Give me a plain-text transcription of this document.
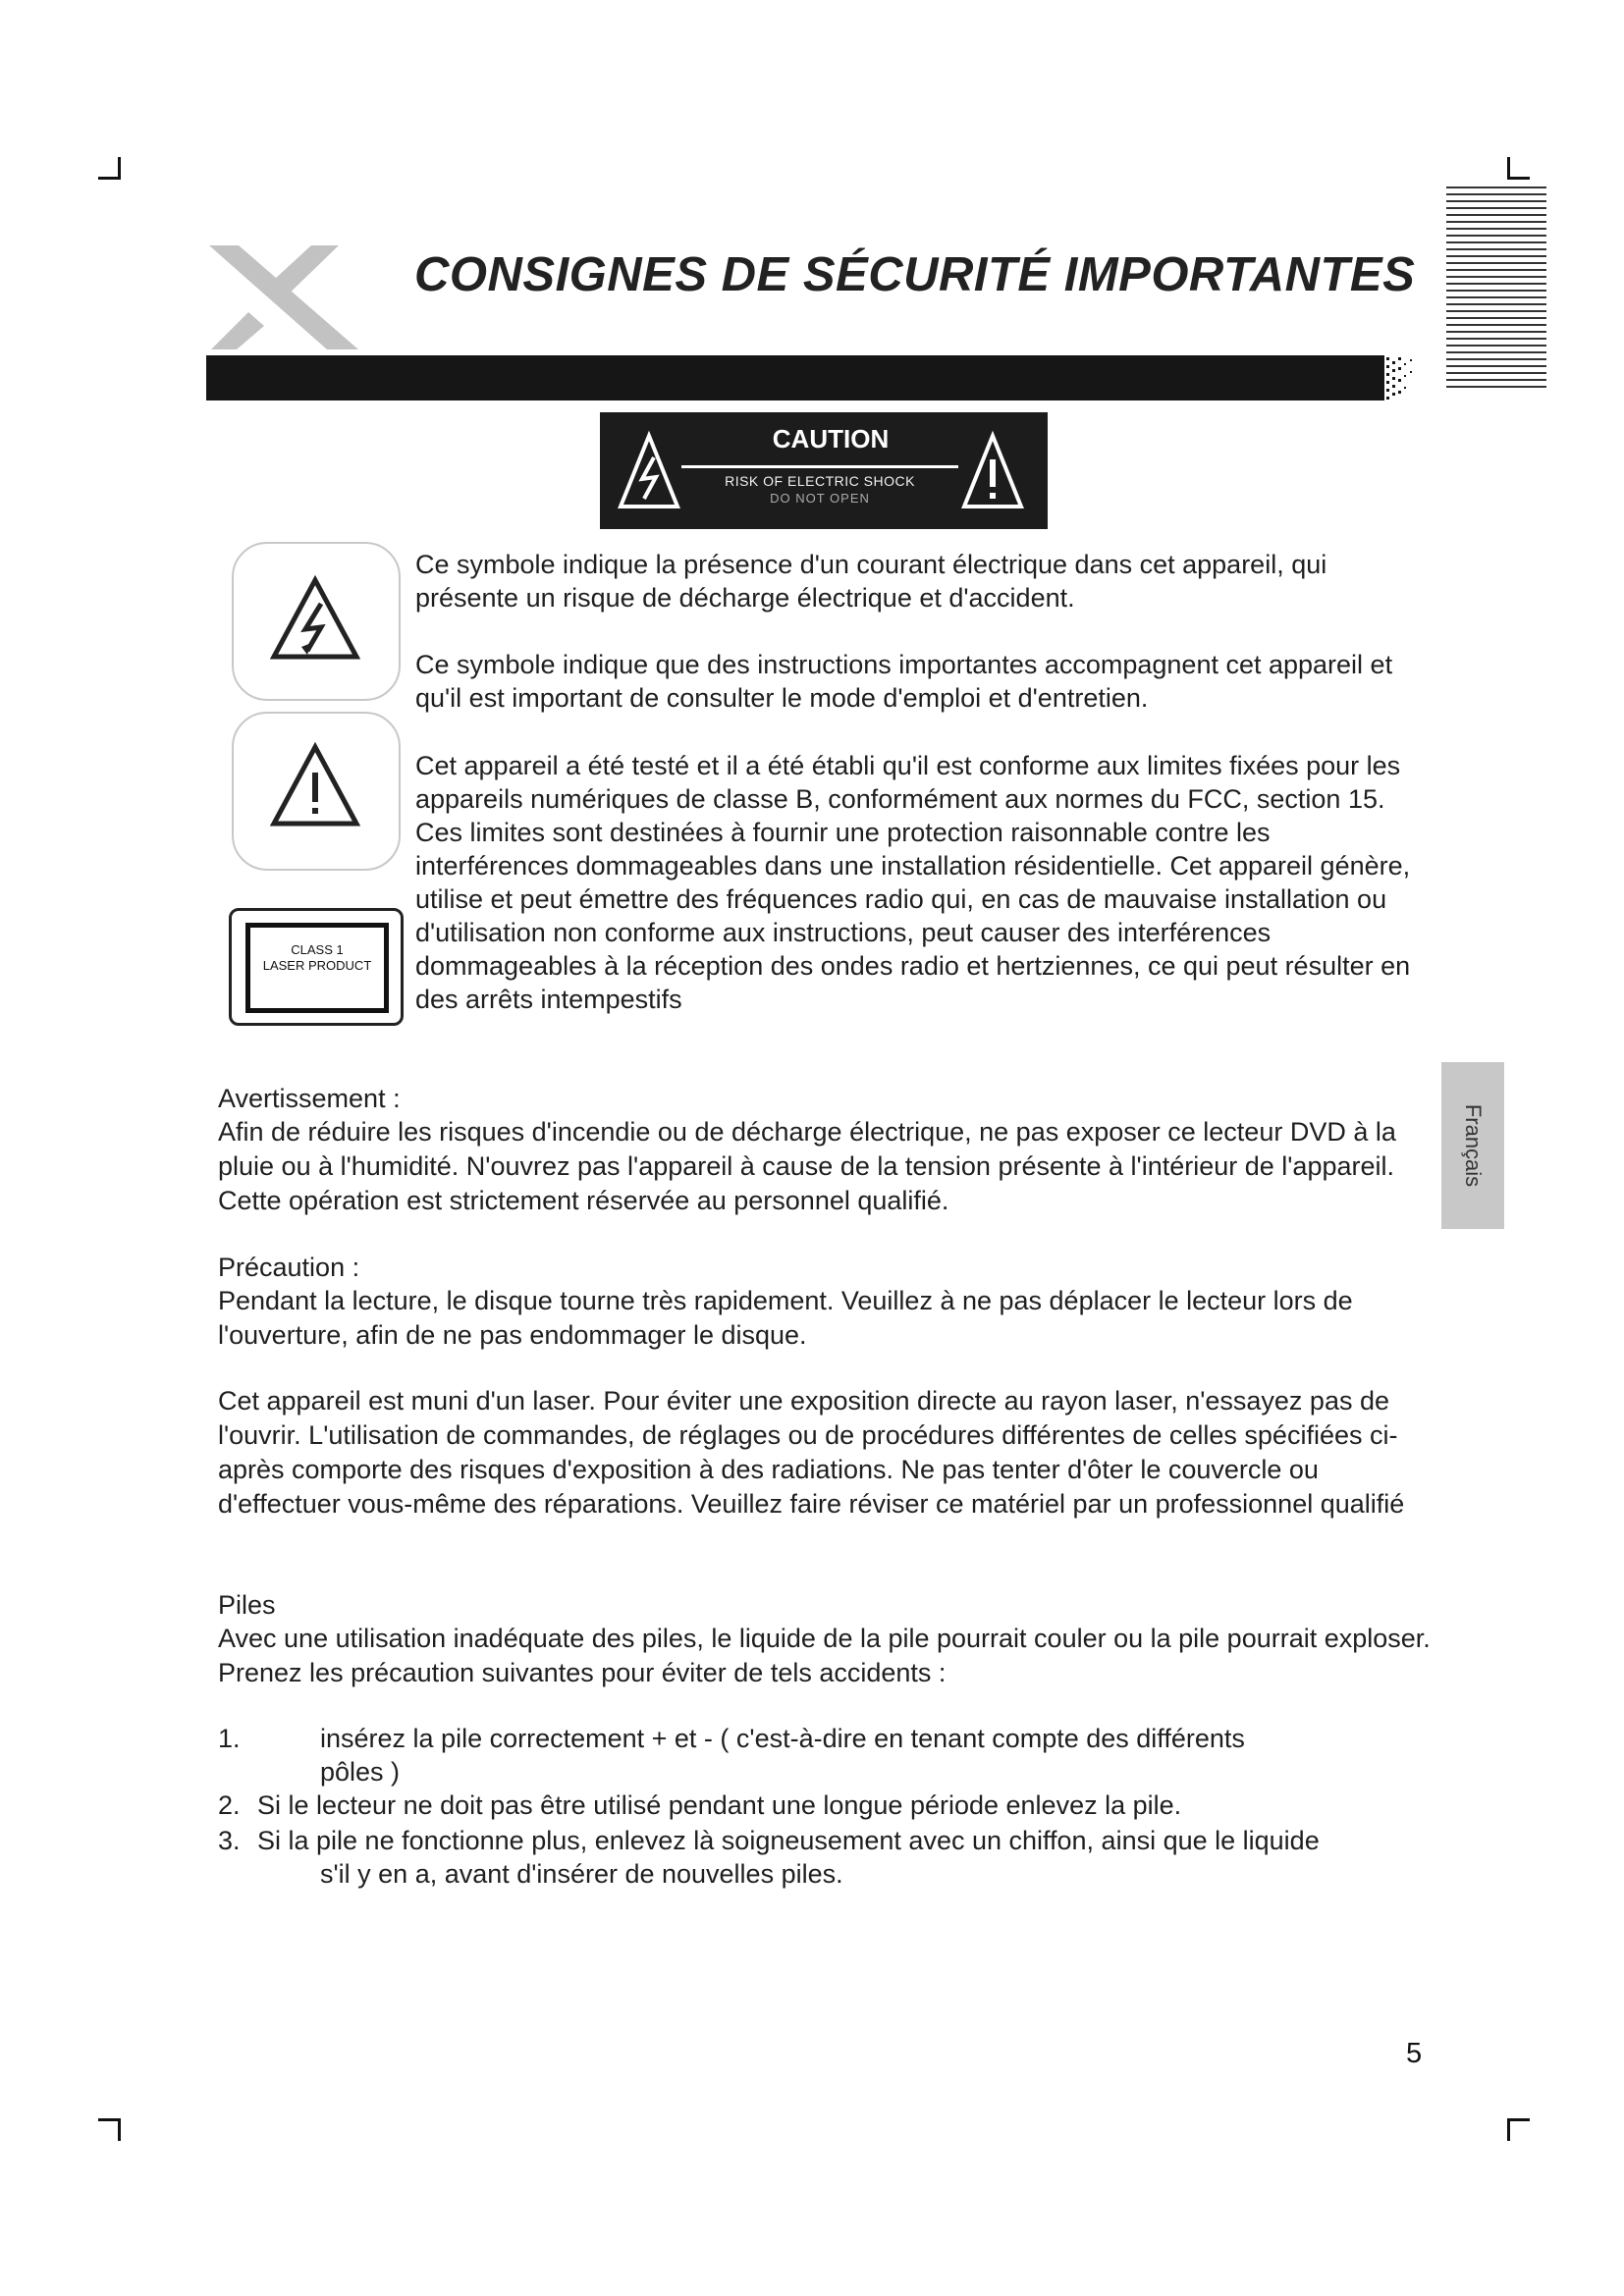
CONSIGNES DE SÉCURITÉ IMPORTANTES
CAUTION
RISK OF ELECTRIC SHOCK
DO NOT OPEN
CLASS 1
LASER PRODUCT
Ce symbole indique la présence d'un courant électrique dans cet appareil, qui présente un risque de décharge électrique et d'accident.
Ce symbole indique que des instructions importantes accompagnent cet appareil et qu'il est important de consulter le mode d'emploi et d'entretien.
Cet appareil a été testé et il a été établi qu'il est conforme aux limites fixées pour les appareils numériques de classe B, conformément aux normes du FCC, section 15. Ces limites sont destinées à fournir une protection raisonnable contre les interférences dommageables dans une installation résidentielle. Cet appareil génère, utilise et peut émettre des fréquences radio qui, en cas de mauvaise installation ou d'utilisation non conforme aux instructions, peut causer des interférences dommageables à la réception des ondes radio et hertziennes, ce qui peut résulter en des arrêts intempestifs
Avertissement :
Afin de réduire les risques d'incendie ou de décharge électrique, ne pas exposer ce lecteur DVD à la pluie ou à l'humidité. N'ouvrez pas l'appareil à cause de la tension présente à l'intérieur de l'appareil. Cette opération est strictement réservée au personnel qualifié.
Précaution :
Pendant la lecture, le disque tourne très rapidement. Veuillez à ne pas déplacer le lecteur lors de l'ouverture, afin de ne pas endommager le disque.
Cet appareil est muni d'un laser. Pour éviter une exposition directe au rayon laser, n'essayez pas de l'ouvrir. L'utilisation de commandes, de réglages ou de procédures différentes de celles spécifiées ci-après comporte des risques d'exposition à des radiations. Ne pas tenter d'ôter le couvercle ou d'effectuer vous-même des réparations. Veuillez faire réviser ce matériel par un professionnel qualifié
Piles
Avec une utilisation inadéquate des piles, le liquide de la pile pourrait couler ou la pile pourrait exploser. Prenez les précaution suivantes pour éviter de tels accidents :
1.	insérez la pile correctement + et - ( c'est-à-dire en tenant compte des différents pôles )
2. Si le lecteur ne doit pas être utilisé pendant une longue période enlevez la pile.
3. Si la pile ne fonctionne plus, enlevez là soigneusement avec un chiffon, ainsi que le liquide s'il y en a, avant d'insérer de nouvelles piles.
Français
5
